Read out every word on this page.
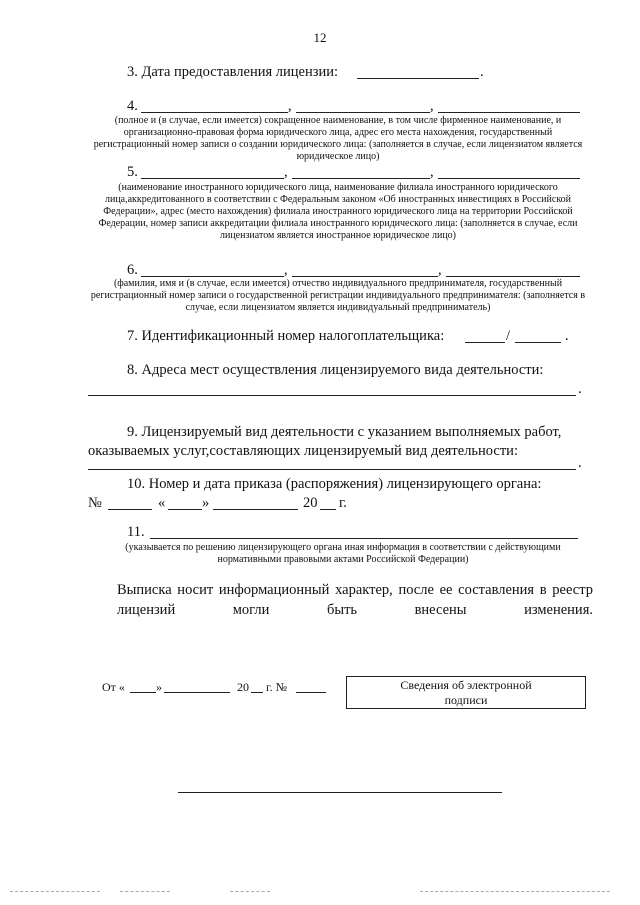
12
3. Дата предоставления лицензии:	.
4.	,	,
(полное и (в случае, если имеется) сокращенное наименование, в том числе фирменное наименование, и организационно-правовая форма юридического лица, адрес его места нахождения, государственный регистрационный номер записи о создании юридического лица: (заполняется в случае, если лицензиатом является юридическое лицо)
5.	,	,
(наименование иностранного юридического лица, наименование филиала иностранного юридического лица,аккредитованного в соответствии с Федеральным законом «Об иностранных инвестициях в Российской Федерации», адрес (место нахождения) филиала иностранного юридического лица на территории Российской Федерации, номер записи аккредитации филиала иностранного юридического лица: (заполняется в случае, если лицензиатом является иностранное юридическое лицо)
6.	,	,
(фамилия, имя и (в случае, если имеется) отчество индивидуального предпринимателя, государственный регистрационный номер записи о государственной регистрации индивидуального предпринимателя: (заполняется в случае, если лицензиатом является индивидуальный предприниматель)
7. Идентификационный номер налогоплательщика:	/	.
8. Адреса мест осуществления лицензируемого вида деятельности:
.
9. Лицензируемый вид деятельности с указанием выполняемых работ,
оказываемых услуг,составляющих лицензируемый вид деятельности:
.
10. Номер и дата приказа (распоряжения) лицензирующего органа:
№	«	»	20 г.
11.
(указывается по решению лицензирующего органа иная информация в соответствии с действующими нормативными правовыми актами Российской Федерации)
Выписка носит информационный характер, после ее составления в реестр лицензий могли быть внесены изменения.
От «	»	20 г. №	Сведения об электронной
подписи
